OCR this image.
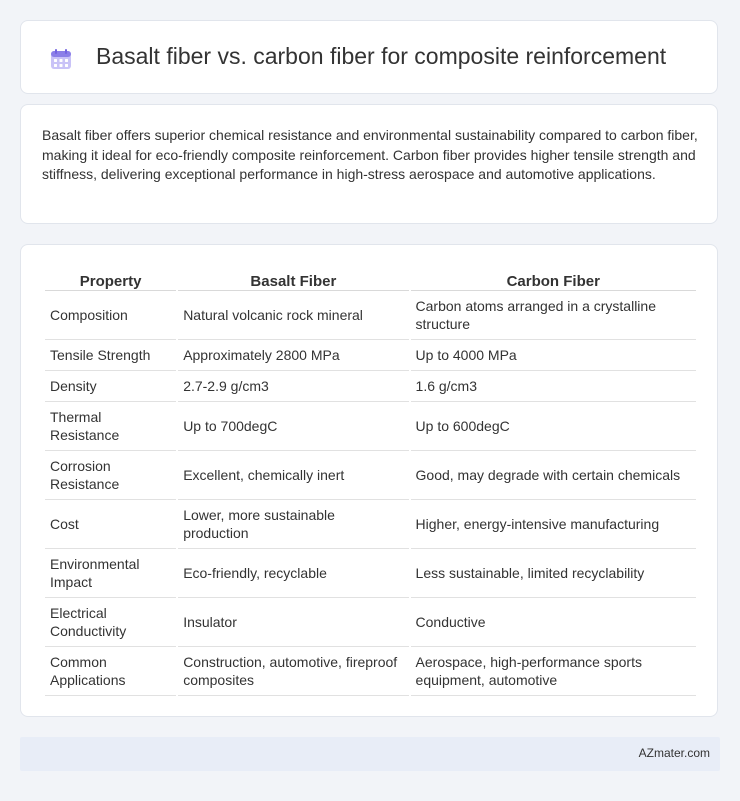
Basalt fiber vs. carbon fiber for composite reinforcement

Basalt fiber offers superior chemical resistance and environmental sustainability compared to carbon fiber, making it ideal for eco-friendly composite reinforcement. Carbon fiber provides higher tensile strength and stiffness, delivering exceptional performance in high-stress aerospace and automotive applications.

Property	Basalt Fiber	Carbon Fiber
Composition	Natural volcanic rock mineral	Carbon atoms arranged in a crystalline structure
Tensile Strength	Approximately 2800 MPa	Up to 4000 MPa
Density	2.7-2.9 g/cm3	1.6 g/cm3
Thermal Resistance	Up to 700degC	Up to 600degC
Corrosion Resistance	Excellent, chemically inert	Good, may degrade with certain chemicals
Cost	Lower, more sustainable production	Higher, energy-intensive manufacturing
Environmental Impact	Eco-friendly, recyclable	Less sustainable, limited recyclability
Electrical Conductivity	Insulator	Conductive
Common Applications	Construction, automotive, fireproof composites	Aerospace, high-performance sports equipment, automotive
AZmater.com
